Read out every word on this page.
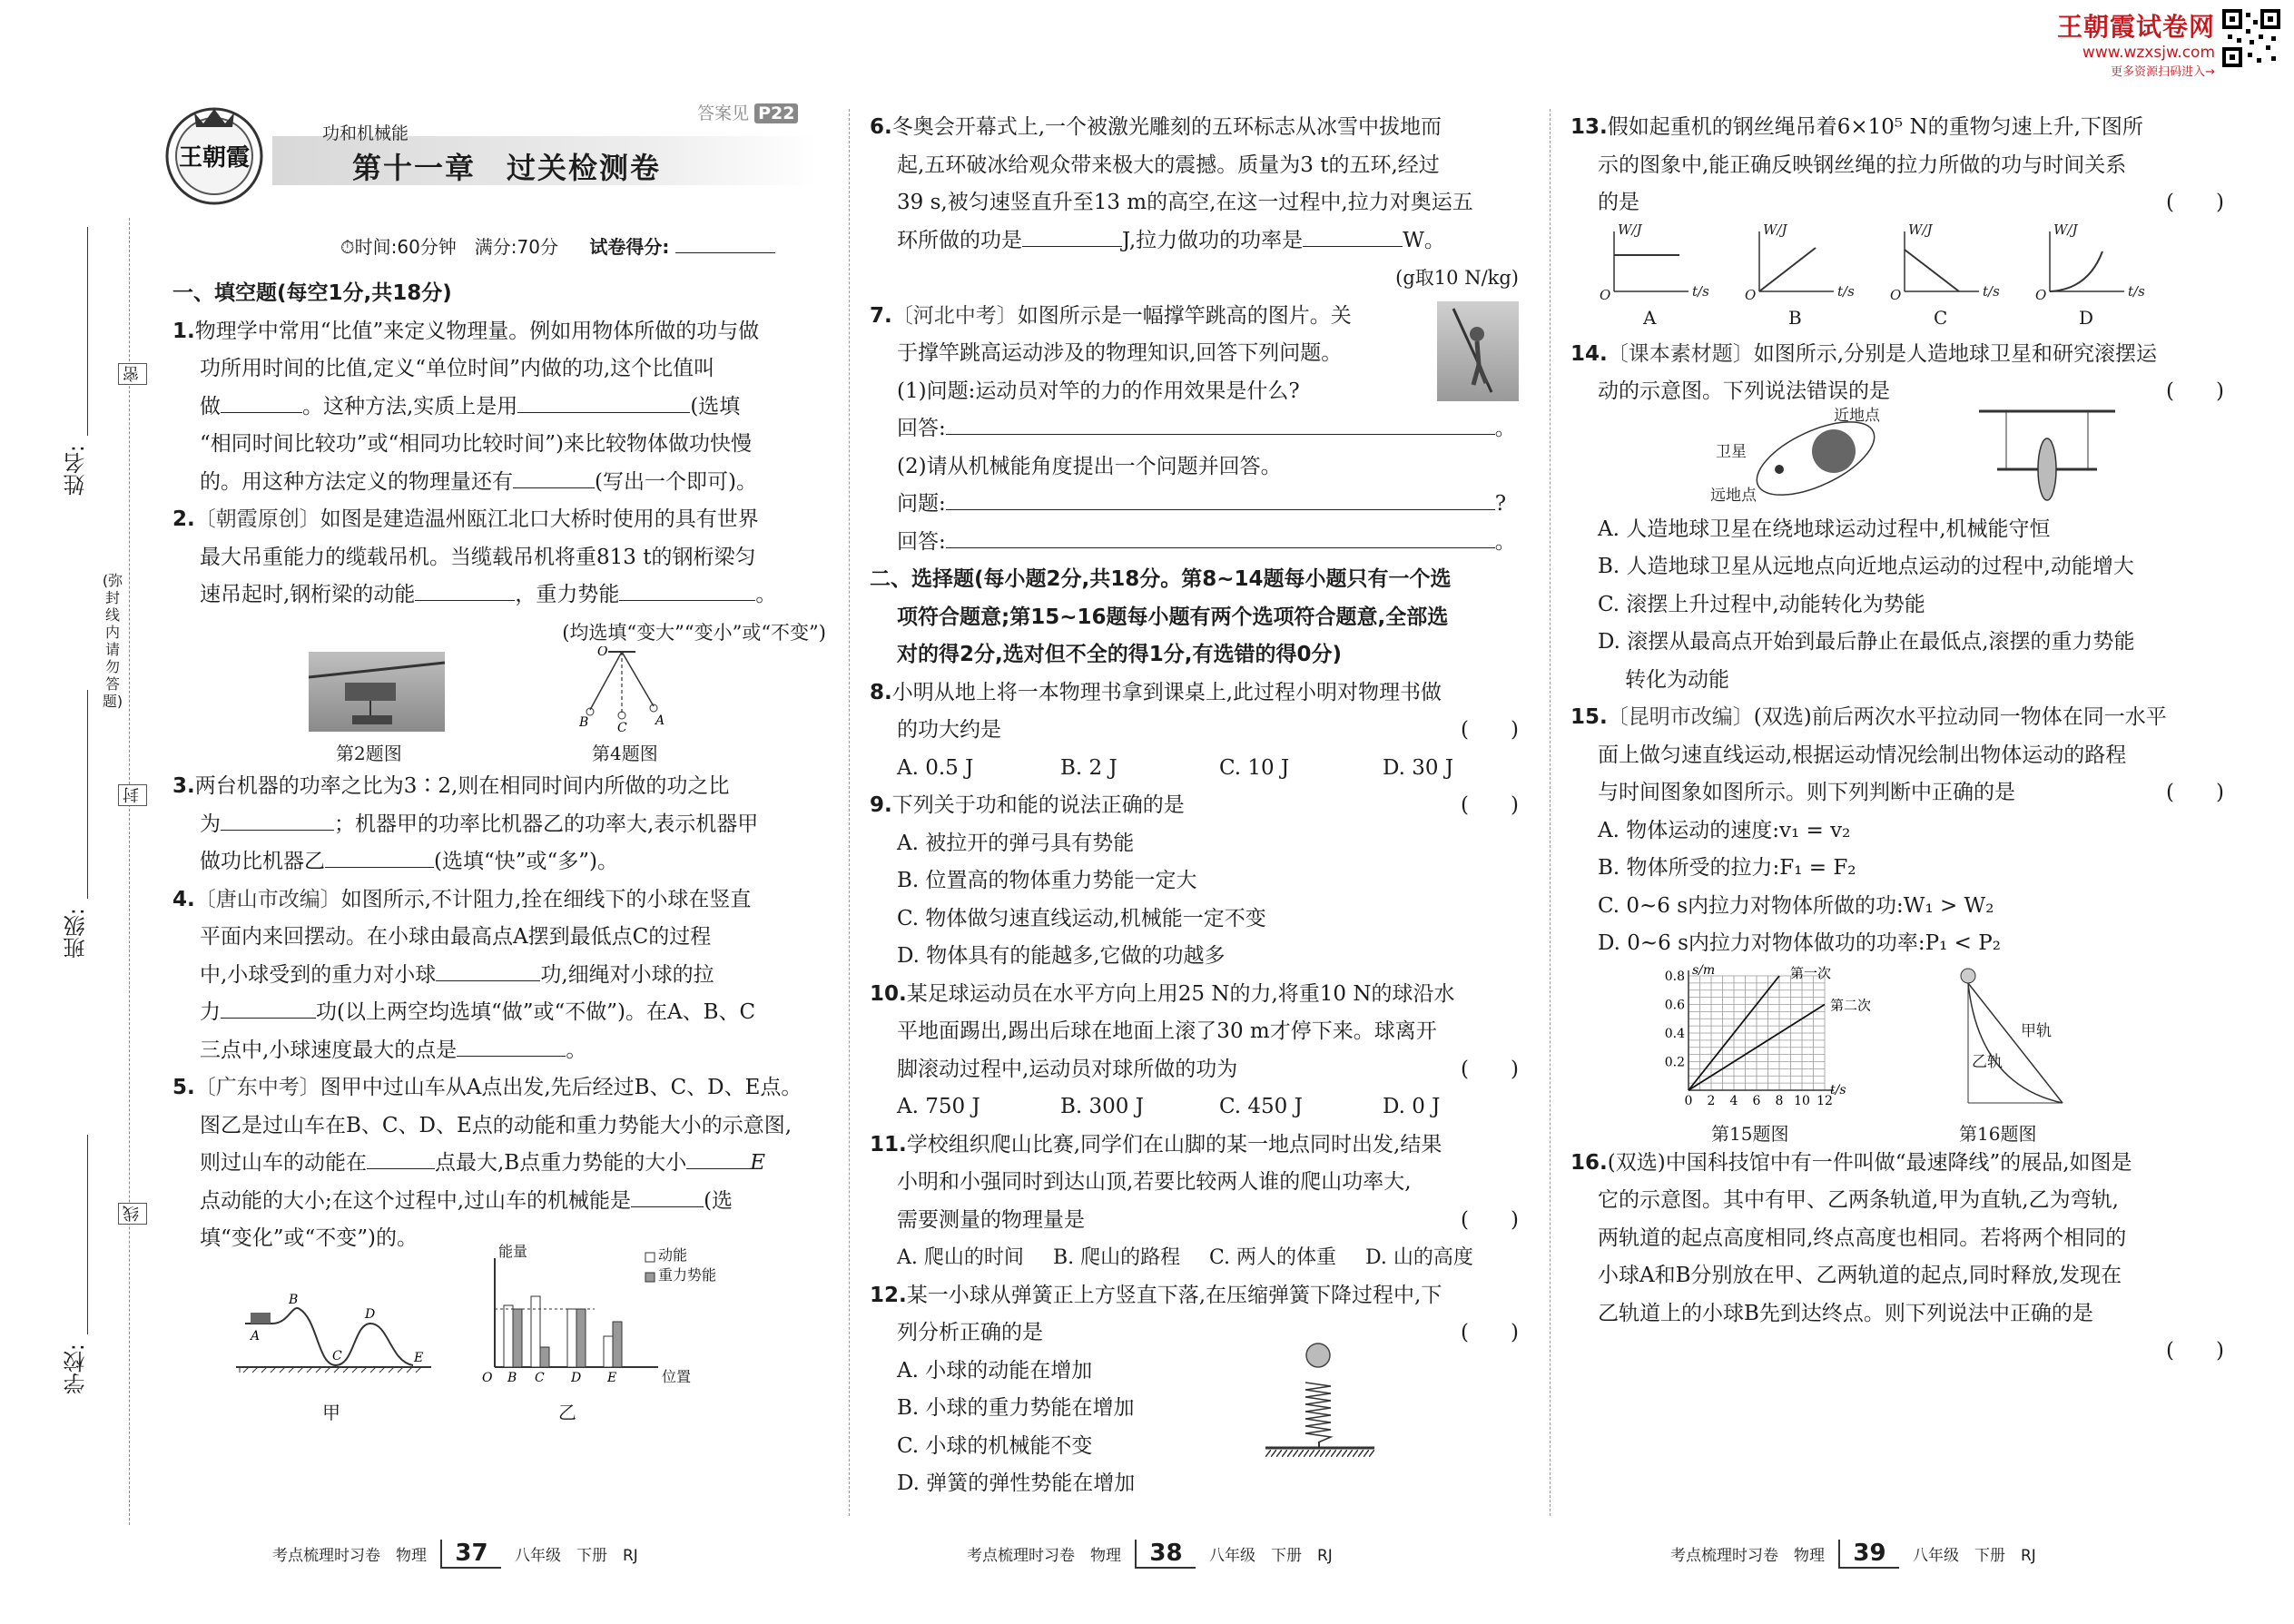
王朝霞试卷网
www.wzxsjw.com
更多资源扫码进入→
姓名:
班级:
学校:
密
封
线
(弥封线内请勿答题)
王朝霞
功和机械能
第十一章　过关检测卷
答案见 P22
⏱时间:60分钟　满分:70分 试卷得分:

一、填空题(每空1分,共18分)

1.物理学中常用“比值”来定义物理量。例如用物体所做的功与做

功所用时间的比值,定义“单位时间”内做的功,这个比值叫

做	。这种方法,实质上是用	(选填

“相同时间比较功”或“相同功比较时间”)来比较物体做功快慢

的。用这种方法定义的物理量还有	(写出一个即可)。

2.〔朝霞原创〕如图是建造温州瓯江北口大桥时使用的具有世界

最大吊重能力的缆载吊机。当缆载吊机将重813 t的钢桁梁匀

速吊起时,钢桁梁的动能	，重力势能	。

(均选填“变大”“变小”或“不变”)

O
B C A
第2题图	第4题图

3.两台机器的功率之比为3∶2,则在相同时间内所做的功之比

为	；机器甲的功率比机器乙的功率大,表示机器甲

做功比机器乙	(选填“快”或“多”)。

4.〔唐山市改编〕如图所示,不计阻力,拴在细线下的小球在竖直

平面内来回摆动。在小球由最高点A摆到最低点C的过程

中,小球受到的重力对小球	功,细绳对小球的拉

力	功(以上两空均选填“做”或“不做”)。在A、B、C

三点中,小球速度最大的点是	。

5.〔广东中考〕图甲中过山车从A点出发,先后经过B、C、D、E点。

图乙是过山车在B、C、D、E点的动能和重力势能大小的示意图,

则过山车的动能在	点最大,B点重力势能的大小	E

点动能的大小;在这个过程中,过山车的机械能是	(选

填“变化”或“不变”)的。

A
B
C
D
E
甲
O B C D E
能量	动能
重力势能
位置
乙

6.冬奥会开幕式上,一个被激光雕刻的五环标志从冰雪中拔地而

起,五环破冰给观众带来极大的震撼。质量为3 t的五环,经过

39 s,被匀速竖直升至13 m的高空,在这一过程中,拉力对奥运五

环所做的功是	J,拉力做功的功率是	W。

(g取10 N/kg)

7.〔河北中考〕如图所示是一幅撑竿跳高的图片。关

于撑竿跳高运动涉及的物理知识,回答下列问题。

(1)问题:运动员对竿的力的作用效果是什么?

回答:	。

(2)请从机械能角度提出一个问题并回答。

问题:	?

回答:	。

二、选择题(每小题2分,共18分。第8~14题每小题只有一个选

项符合题意;第15~16题每小题有两个选项符合题意,全部选

对的得2分,选对但不全的得1分,有选错的得0分)

8.小明从地上将一本物理书拿到课桌上,此过程小明对物理书做

的功大约是	(　　)

A. 0.5 J	B. 2 J	C. 10 J	D. 30 J

9.下列关于功和能的说法正确的是	(　　)

A. 被拉开的弹弓具有势能

B. 位置高的物体重力势能一定大

C. 物体做匀速直线运动,机械能一定不变

D. 物体具有的能越多,它做的功越多

10.某足球运动员在水平方向上用25 N的力,将重10 N的球沿水

平地面踢出,踢出后球在地面上滚了30 m才停下来。球离开

脚滚动过程中,运动员对球所做的功为	(　　)

A. 750 J	B. 300 J	C. 450 J	D. 0 J

11.学校组织爬山比赛,同学们在山脚的某一地点同时出发,结果

小明和小强同时到达山顶,若要比较两人谁的爬山功率大,

需要测量的物理量是	(　　)

A. 爬山的时间 B. 爬山的路程 C. 两人的体重 D. 山的高度

12.某一小球从弹簧正上方竖直下落,在压缩弹簧下降过程中,下

列分析正确的是	(　　)

A. 小球的动能在增加

B. 小球的重力势能在增加

C. 小球的机械能不变

D. 弹簧的弹性势能在增加

13.假如起重机的钢丝绳吊着6×10⁵ N的重物匀速上升,下图所

示的图象中,能正确反映钢丝绳的拉力所做的功与时间关系

的是	(　　)

W/J
O	t/s
A
W/J
O	t/s
B
W/J
O	t/s
C
W/J
O	t/s
D

14.〔课本素材题〕如图所示,分别是人造地球卫星和研究滚摆运

动的示意图。下列说法错误的是	(　　)

卫星
近地点
远地点

A. 人造地球卫星在绕地球运动过程中,机械能守恒

B. 人造地球卫星从远地点向近地点运动的过程中,动能增大

C. 滚摆上升过程中,动能转化为势能

D. 滚摆从最高点开始到最后静止在最低点,滚摆的重力势能

转化为动能

15.〔昆明市改编〕(双选)前后两次水平拉动同一物体在同一水平

面上做匀速直线运动,根据运动情况绘制出物体运动的路程

与时间图象如图所示。则下列判断中正确的是	(　　)

A. 物体运动的速度:v₁ = v₂

B. 物体所受的拉力:F₁ = F₂

C. 0~6 s内拉力对物体所做的功:W₁ > W₂

D. 0~6 s内拉力对物体做功的功率:P₁ < P₂

0 2 4 6 8 10 12
0.2
0.4
0.6
0.8
t/s
s/m	第一次
第二次
第15题图
甲轨
乙轨
第16题图

16.(双选)中国科技馆中有一件叫做“最速降线”的展品,如图是

它的示意图。其中有甲、乙两条轨道,甲为直轨,乙为弯轨,

两轨道的起点高度相同,终点高度也相同。若将两个相同的

小球A和B分别放在甲、乙两轨道的起点,同时释放,发现在

乙轨道上的小球B先到达终点。则下列说法中正确的是

(　　)

考点梳理时习卷　物理 37 八年级　下册　RJ	考点梳理时习卷　物理 38 八年级　下册　RJ	考点梳理时习卷　物理 39 八年级　下册　RJ
